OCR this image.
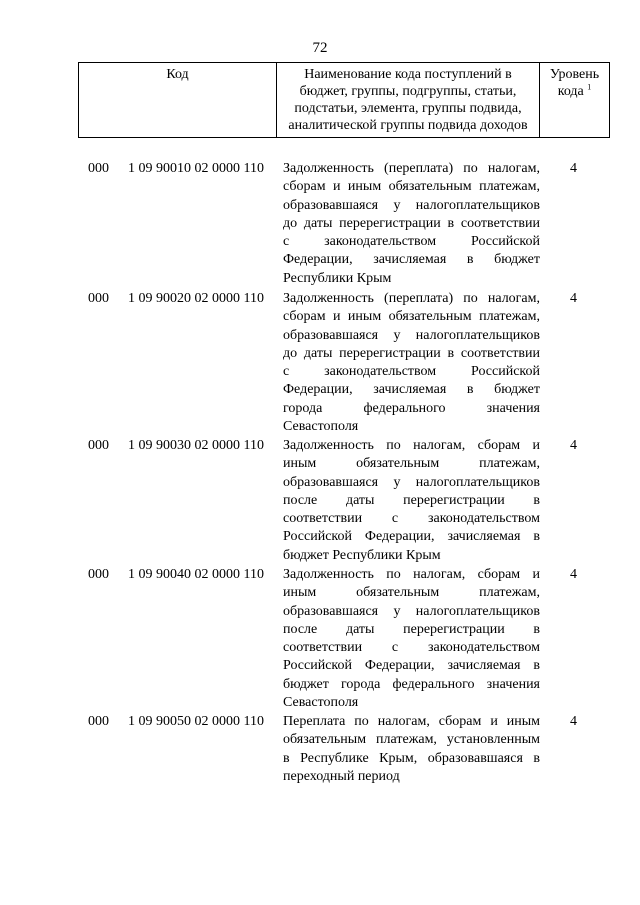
72
Код	Наименование кода поступлений в
бюджет, группы, подгруппы, статьи,
подстатьи, элемента, группы подвида,
аналитической группы подвида доходов
Уровень
кода $^1$
000 1 09 90010 02 0000 110 Задолженность (переплата) по налогам,
сборам и иным обязательным платежам,
образовавшаяся у налогоплательщиков
до даты перерегистрации в соответствии
с законодательством Российской
Федерации, зачисляемая в бюджет
Республики Крым
4
000 1 09 90020 02 0000 110 Задолженность (переплата) по налогам,
сборам и иным обязательным платежам,
образовавшаяся у налогоплательщиков
до даты перерегистрации в соответствии
с законодательством Российской
Федерации, зачисляемая в бюджет
города федерального значения
Севастополя
4
000 1 09 90030 02 0000 110 Задолженность по налогам, сборам и
иным обязательным платежам,
образовавшаяся у налогоплательщиков
после даты перерегистрации в
соответствии с законодательством
Российской Федерации, зачисляемая в
бюджет Республики Крым
4
000 1 09 90040 02 0000 110 Задолженность по налогам, сборам и
иным обязательным платежам,
образовавшаяся у налогоплательщиков
после даты перерегистрации в
соответствии с законодательством
Российской Федерации, зачисляемая в
бюджет города федерального значения
Севастополя
4
000 1 09 90050 02 0000 110 Переплата по налогам, сборам и иным
обязательным платежам, установленным
в Республике Крым, образовавшаяся в
переходный период
4
